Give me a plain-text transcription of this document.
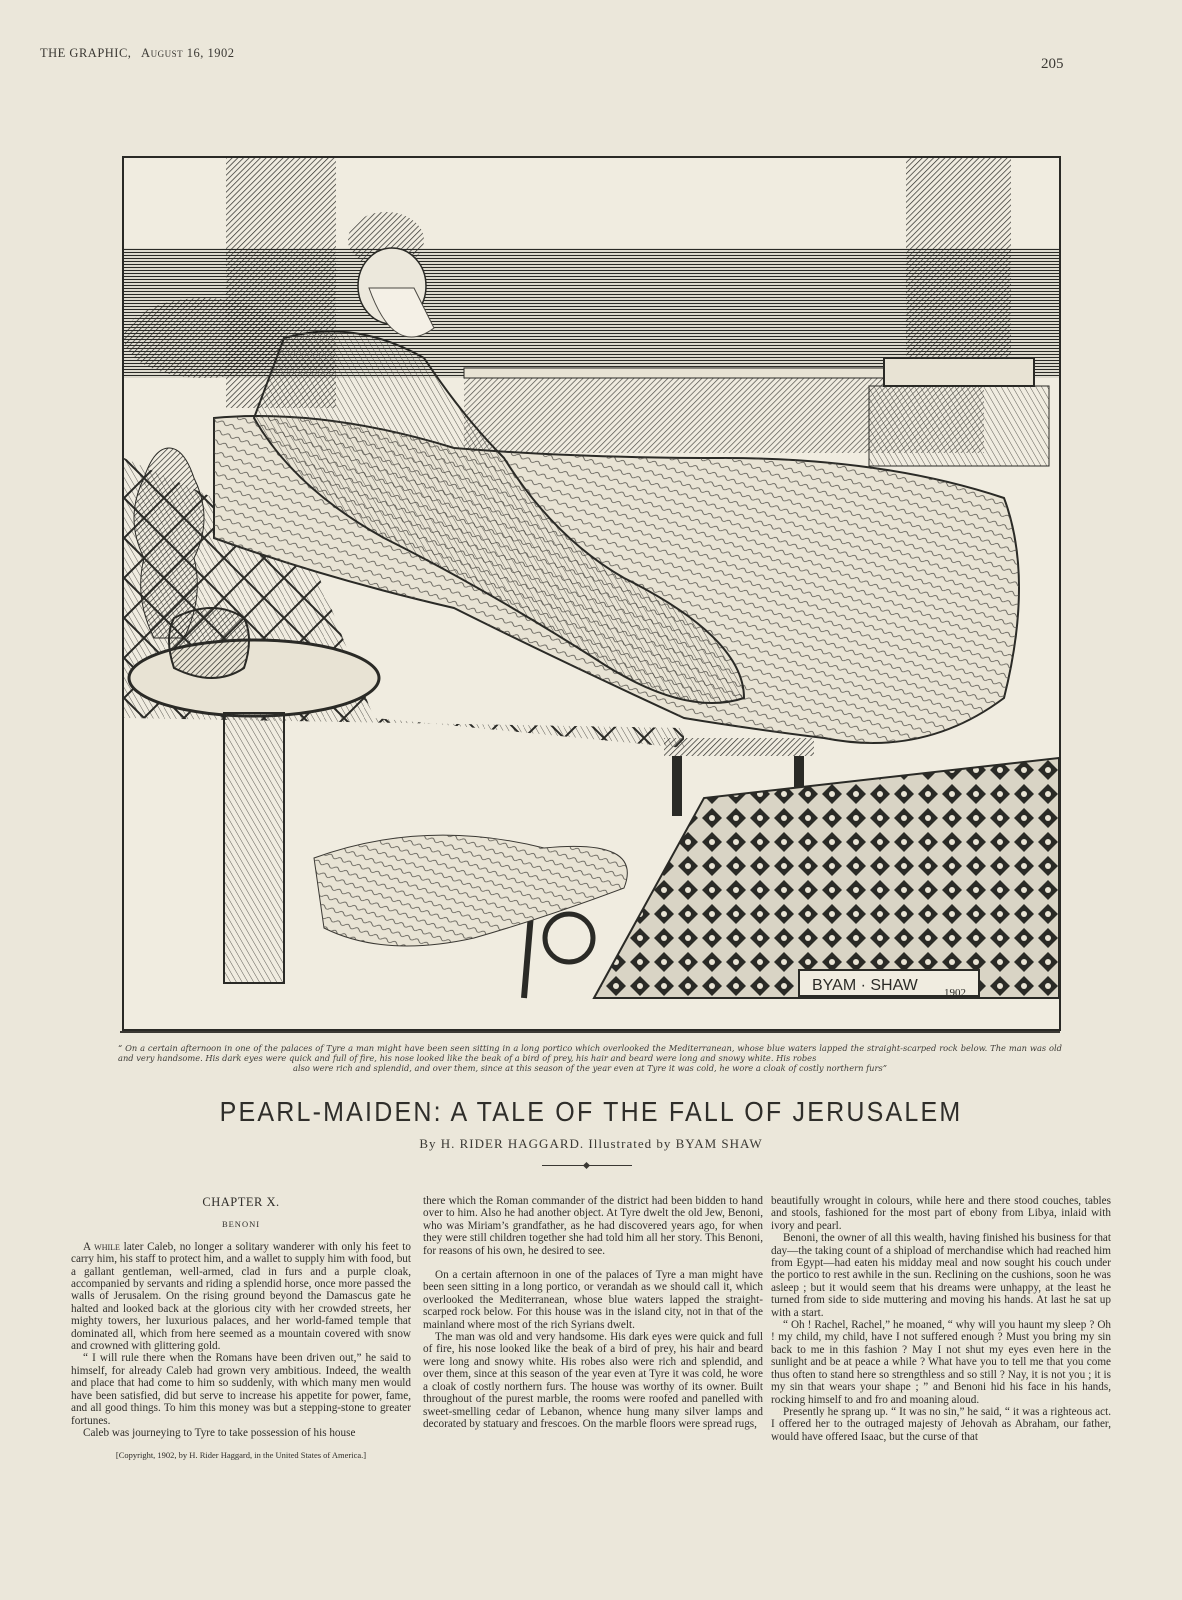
THE GRAPHIC, August 16, 1902
205
BYAM · SHAW 1902
“ On a certain afternoon in one of the palaces of Tyre a man might have been seen sitting in a long portico which overlooked the Mediterranean, whose blue waters lapped the straight-scarped rock below. The man was old and very handsome. His dark eyes were quick and full of fire, his nose looked like the beak of a bird of prey, his hair and beard were long and snowy white. His robes
also were rich and splendid, and over them, since at this season of the year even at Tyre it was cold, he wore a cloak of costly northern furs”
PEARL-MAIDEN: A TALE OF THE FALL OF JERUSALEM
By H. RIDER HAGGARD. Illustrated by BYAM SHAW
CHAPTER X.
BENONI

A while later Caleb, no longer a solitary wanderer with only his feet to carry him, his staff to protect him, and a wallet to supply him with food, but a gallant gentleman, well-armed, clad in furs and a purple cloak, accompanied by servants and riding a splendid horse, once more passed the walls of Jerusalem. On the rising ground beyond the Damascus gate he halted and looked back at the glorious city with her crowded streets, her mighty towers, her luxurious palaces, and her world-famed temple that dominated all, which from here seemed as a mountain covered with snow and crowned with glittering gold.

“ I will rule there when the Romans have been driven out,” he said to himself, for already Caleb had grown very ambitious. Indeed, the wealth and place that had come to him so suddenly, with which many men would have been satisfied, did but serve to increase his appetite for power, fame, and all good things. To him this money was but a stepping-stone to greater fortunes.

Caleb was journeying to Tyre to take possession of his house

[Copyright, 1902, by H. Rider Haggard, in the United States of America.]

there which the Roman commander of the district had been bidden to hand over to him. Also he had another object. At Tyre dwelt the old Jew, Benoni, who was Miriam’s grandfather, as he had discovered years ago, for when they were still children together she had told him all her story. This Benoni, for reasons of his own, he desired to see.

On a certain afternoon in one of the palaces of Tyre a man might have been seen sitting in a long portico, or verandah as we should call it, which overlooked the Mediterranean, whose blue waters lapped the straight-scarped rock below. For this house was in the island city, not in that of the mainland where most of the rich Syrians dwelt.

The man was old and very handsome. His dark eyes were quick and full of fire, his nose looked like the beak of a bird of prey, his hair and beard were long and snowy white. His robes also were rich and splendid, and over them, since at this season of the year even at Tyre it was cold, he wore a cloak of costly northern furs. The house was worthy of its owner. Built throughout of the purest marble, the rooms were roofed and panelled with sweet-smelling cedar of Lebanon, whence hung many silver lamps and decorated by statuary and frescoes. On the marble floors were spread rugs,

beautifully wrought in colours, while here and there stood couches, tables and stools, fashioned for the most part of ebony from Libya, inlaid with ivory and pearl.

Benoni, the owner of all this wealth, having finished his business for that day—the taking count of a shipload of merchandise which had reached him from Egypt—had eaten his midday meal and now sought his couch under the portico to rest awhile in the sun. Reclining on the cushions, soon he was asleep ; but it would seem that his dreams were unhappy, at the least he turned from side to side muttering and moving his hands. At last he sat up with a start.

“ Oh ! Rachel, Rachel,” he moaned, “ why will you haunt my sleep ? Oh ! my child, my child, have I not suffered enough ? Must you bring my sin back to me in this fashion ? May I not shut my eyes even here in the sunlight and be at peace a while ? What have you to tell me that you come thus often to stand here so strengthless and so still ? Nay, it is not you ; it is my sin that wears your shape ; ” and Benoni hid his face in his hands, rocking himself to and fro and moaning aloud.

Presently he sprang up. “ It was no sin,” he said, “ it was a righteous act. I offered her to the outraged majesty of Jehovah as Abraham, our father, would have offered Isaac, but the curse of that
